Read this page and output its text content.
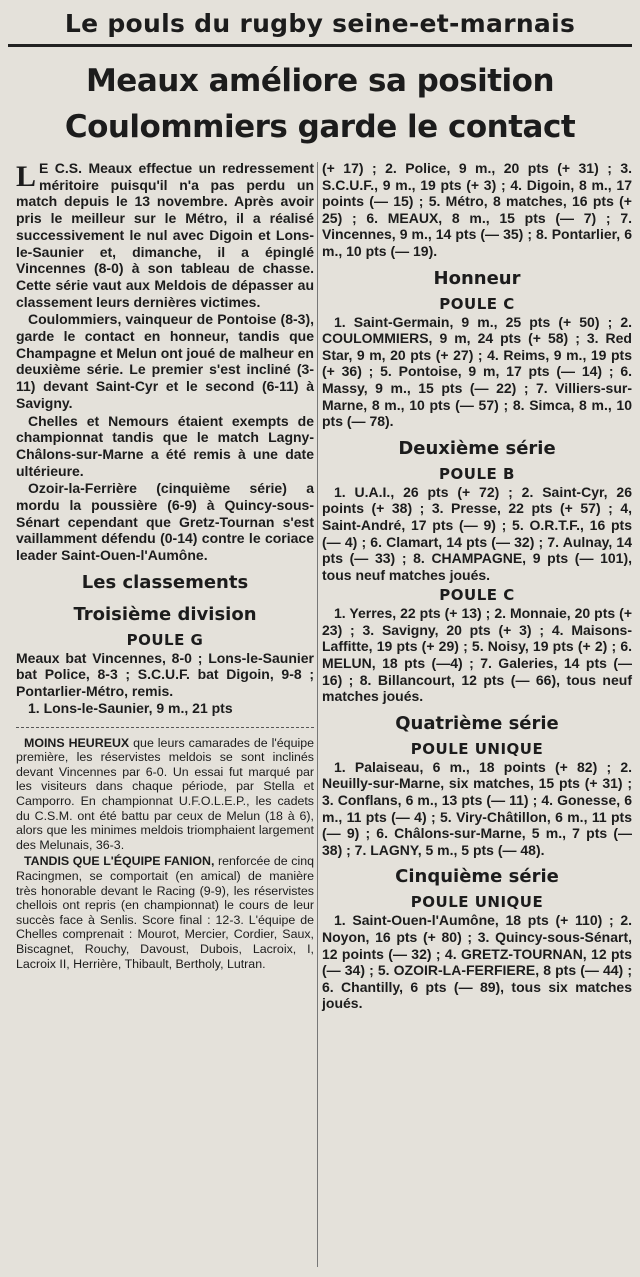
Le pouls du rugby seine-et-marnais
Meaux améliore sa position
Coulommiers garde le contact

L E C.S. Meaux effectue un redressement méritoire puisqu'il n'a pas perdu un match depuis le 13 novembre. Après avoir pris le meilleur sur le Métro, il a réalisé successivement le nul avec Digoin et Lons-le-Saunier et, dimanche, il a épinglé Vincennes (8-0) à son tableau de chasse. Cette série vaut aux Meldois de dépasser au classement leurs dernières victimes.

Coulommiers, vainqueur de Pontoise (8-3), garde le contact en honneur, tandis que Champagne et Melun ont joué de malheur en deuxième série. Le premier s'est incliné (3-11) devant Saint-Cyr et le second (6-11) à Savigny.

Chelles et Nemours étaient exempts de championnat tandis que le match Lagny-Châlons-sur-Marne a été remis à une date ultérieure.

Ozoir-la-Ferrière (cinquième série) a mordu la poussière (6-9) à Quincy-sous-Sénart cependant que Gretz-Tournan s'est vaillamment défendu (0-14) contre le coriace leader Saint-Ouen-l'Aumône.

Les classements
Troisième division
POULE G

Meaux bat Vincennes, 8-0 ; Lons-le-Saunier bat Police, 8-3 ; S.C.U.F. bat Digoin, 9-8 ; Pontarlier-Métro, remis.

1. Lons-le-Saunier, 9 m., 21 pts

MOINS HEUREUX que leurs camarades de l'équipe première, les réservistes meldois se sont inclinés devant Vincennes par 6-0. Un essai fut marqué par les visiteurs dans chaque période, par Stella et Camporro. En championnat U.F.O.L.E.P., les cadets du C.S.M. ont été battu par ceux de Melun (18 à 6), alors que les minimes meldois triomphaient largement des Melunais, 36-3.

TANDIS QUE L'ÉQUIPE FANION, renforcée de cinq Racingmen, se comportait (en amical) de manière très honorable devant le Racing (9-9), les réservistes chellois ont repris (en championnat) le cours de leur succès face à Senlis. Score final : 12-3. L'équipe de Chelles comprenait : Mourot, Mercier, Cordier, Saux, Biscagnet, Rouchy, Davoust, Dubois, Lacroix, I, Lacroix II, Herrière, Thibault, Bertholy, Lutran.

(+ 17) ; 2. Police, 9 m., 20 pts (+ 31) ; 3. S.C.U.F., 9 m., 19 pts (+ 3) ; 4. Digoin, 8 m., 17 points (— 15) ; 5. Métro, 8 matches, 16 pts (+ 25) ; 6. MEAUX, 8 m., 15 pts (— 7) ; 7. Vincennes, 9 m., 14 pts (— 35) ; 8. Pontarlier, 6 m., 10 pts (— 19).

Honneur
POULE C

1. Saint-Germain, 9 m., 25 pts (+ 50) ; 2. COULOMMIERS, 9 m, 24 pts (+ 58) ; 3. Red Star, 9 m, 20 pts (+ 27) ; 4. Reims, 9 m., 19 pts (+ 36) ; 5. Pontoise, 9 m, 17 pts (— 14) ; 6. Massy, 9 m., 15 pts (— 22) ; 7. Villiers-sur-Marne, 8 m., 10 pts (— 57) ; 8. Simca, 8 m., 10 pts (— 78).

Deuxième série
POULE B

1. U.A.I., 26 pts (+ 72) ; 2. Saint-Cyr, 26 points (+ 38) ; 3. Presse, 22 pts (+ 57) ; 4, Saint-André, 17 pts (— 9) ; 5. O.R.T.F., 16 pts (— 4) ; 6. Clamart, 14 pts (— 32) ; 7. Aulnay, 14 pts (— 33) ; 8. CHAMPAGNE, 9 pts (— 101), tous neuf matches joués.

POULE C

1. Yerres, 22 pts (+ 13) ; 2. Monnaie, 20 pts (+ 23) ; 3. Savigny, 20 pts (+ 3) ; 4. Maisons-Laffitte, 19 pts (+ 29) ; 5. Noisy, 19 pts (+ 2) ; 6. MELUN, 18 pts (—4) ; 7. Galeries, 14 pts (— 16) ; 8. Billancourt, 12 pts (— 66), tous neuf matches joués.

Quatrième série
POULE UNIQUE

1. Palaiseau, 6 m., 18 points (+ 82) ; 2. Neuilly-sur-Marne, six matches, 15 pts (+ 31) ; 3. Conflans, 6 m., 13 pts (— 11) ; 4. Gonesse, 6 m., 11 pts (— 4) ; 5. Viry-Châtillon, 6 m., 11 pts (— 9) ; 6. Châlons-sur-Marne, 5 m., 7 pts (— 38) ; 7. LAGNY, 5 m., 5 pts (— 48).

Cinquième série
POULE UNIQUE

1. Saint-Ouen-l'Aumône, 18 pts (+ 110) ; 2. Noyon, 16 pts (+ 80) ; 3. Quincy-sous-Sénart, 12 points (— 32) ; 4. GRETZ-TOURNAN, 12 pts (— 34) ; 5. OZOIR-LA-FERFIERE, 8 pts (— 44) ; 6. Chantilly, 6 pts (— 89), tous six matches joués.
